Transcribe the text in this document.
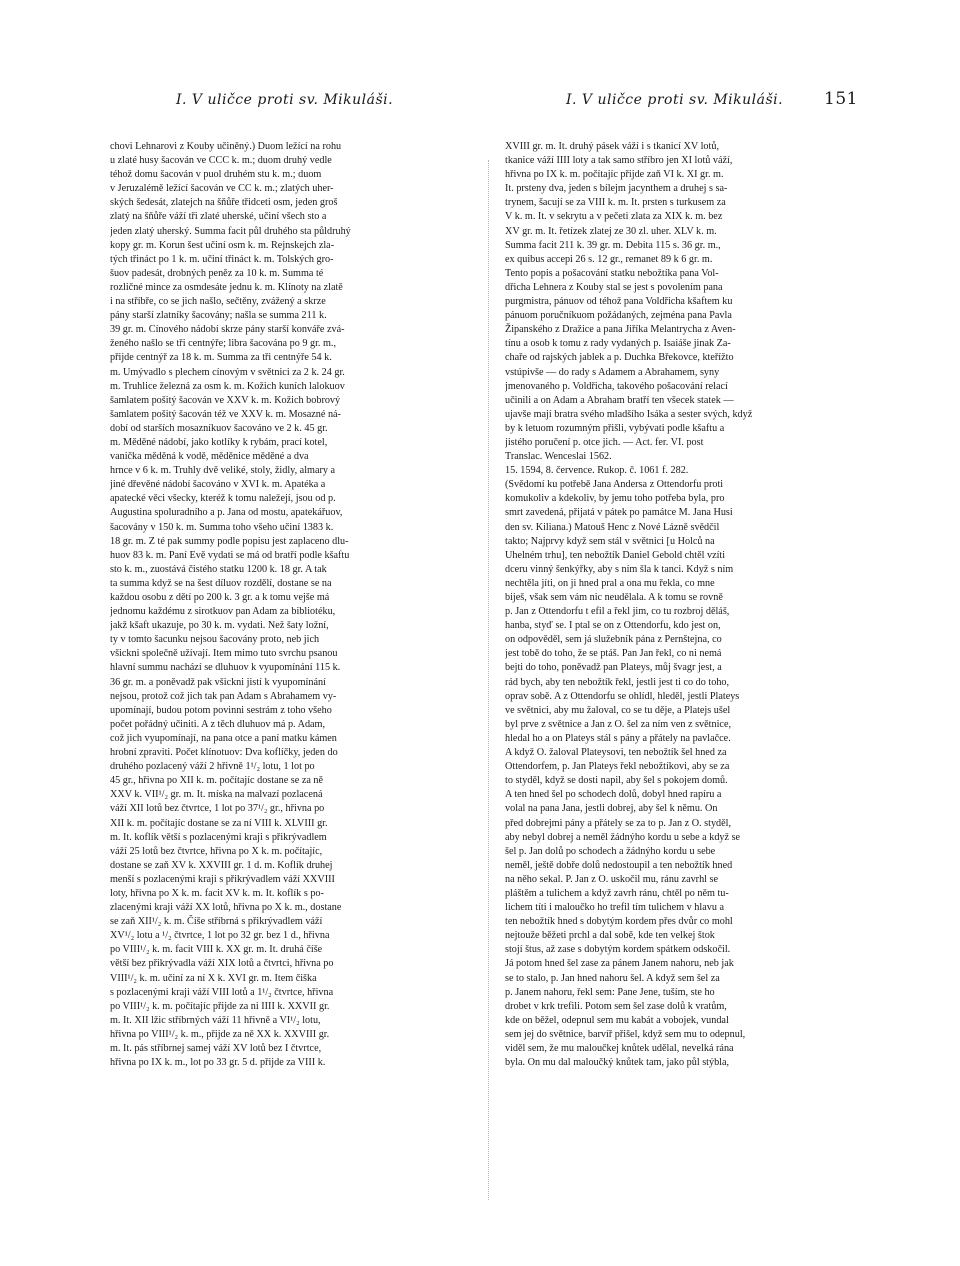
I. V uličce proti sv. Mikuláši.	I. V uličce proti sv. Mikuláši. 151
chovi Lehnarovi z Kouby učiněný.) Duom ležící na rohu
u zlaté husy šacován ve CCC k. m.; duom druhý vedle
téhož domu šacován v puol druhém stu k. m.; duom
v Jeruzalémě ležící šacován ve CC k. m.; zlatých uher-
ských šedesát, zlatejch na šňůře třidceti osm, jeden groš
zlatý na šňůře váží tři zlaté uherské, učiní všech sto a
jeden zlatý uherský. Summa facit půl druhého sta půldruhý
kopy gr. m. Korun šest učiní osm k. m. Rejnskejch zla-
tých třináct po 1 k. m. učiní třináct k. m. Tolských gro-
šuov padesát, drobných peněz za 10 k. m. Summa té
rozličné mince za osmdesáte jednu k. m. Klínoty na zlatě
i na stříbře, co se jich našlo, sečtěny, zvážený a skrze
pány starší zlatníky šacovány; našla se summa 211 k.
39 gr. m. Cínového nádobí skrze pány starší konváře zvá-
ženého našlo se tři centnýře; libra šacována po 9 gr. m.,
přijde centnýř za 18 k. m. Summa za tři centnýře 54 k.
m. Umývadlo s plechem cínovým v světnici za 2 k. 24 gr.
m. Truhlice železná za osm k. m. Kožich kuních lalokuov
šamlatem pošitý šacován ve XXV k. m. Kožich bobrový
šamlatem pošitý šacován též ve XXV k. m. Mosazné ná-
dobí od starších mosazníkuov šacováno ve 2 k. 45 gr.
m. Měděné nádobí, jako kotlíky k rybám, prací kotel,
vanička měděná k vodě, měděnice měděné a dva
hrnce v 6 k. m. Truhly dvě veliké, stoly, židly, almary a
jiné dřevěné nádobí šacováno v XVI k. m. Apatéka a
apatecké věci všecky, kteréž k tomu naležejí, jsou od p.
Augustina spoluradního a p. Jana od mostu, apatekářuov,
šacovány v 150 k. m. Summa toho všeho učiní 1383 k.
18 gr. m. Z té pak summy podle popisu jest zaplaceno dlu-
huov 83 k. m. Paní Evě vydati se má od bratří podle kšaftu
sto k. m., zuostává čistého statku 1200 k. 18 gr. A tak
ta summa když se na šest díluov rozdělí, dostane se na
každou osobu z dětí po 200 k. 3 gr. a k tomu vejše má
jednomu každému z sirotkuov pan Adam za bibliotéku,
jakž kšaft ukazuje, po 30 k. m. vydati. Než šaty ložní,
ty v tomto šacunku nejsou šacovány proto, neb jich
všickni společně užívají. Item mimo tuto svrchu psanou
hlavní summu nachází se dluhuov k vyupomínání 115 k.
36 gr. m. a poněvadž pak všickni jistí k vyupomínání
nejsou, protož což jich tak pan Adam s Abrahamem vy-
upomínají, budou potom povinni sestrám z toho všeho
počet pořádný učiniti. A z těch dluhuov má p. Adam,
což jich vyupomínají, na pana otce a paní matku kámen
hrobní zpraviti. Počet klínotuov: Dva koflíčky, jeden do
druhého pozlacený váží 2 hřivně 1¹/₂ lotu, 1 lot po
45 gr., hřivna po XII k. m. počítajíc dostane se za ně
XXV k. VII¹/₂ gr. m. It. míska na malvazí pozlacená
váží XII lotů bez čtvrtce, 1 lot po 37¹/₂ gr., hřivna po
XII k. m. počítajíc dostane se za ní VIII k. XLVIII gr.
m. It. koflík větší s pozlacenými kraji s přikrývadlem
váží 25 lotů bez čtvrtce, hřivna po X k. m. počítajíc,
dostane se zaň XV k. XXVIII gr. 1 d. m. Koflík druhej
menší s pozlacenými kraji s přikrývadlem váží XXVIII
loty, hřivna po X k. m. facit XV k. m. It. koflík s po-
zlacenými kraji váží XX lotů, hřivna po X k. m., dostane
se zaň XII¹/₂ k. m. Číše stříbrná s přikrývadlem váží
XV¹/₂ lotu a ¹/₂ čtvrtce, 1 lot po 32 gr. bez 1 d., hřivna
po VIII¹/₂ k. m. facit VIII k. XX gr. m. It. druhá číše
větší bez přikrývadla váží XIX lotů a čtvrtci, hřivna po
VIII¹/₂ k. m. učiní za ní X k. XVI gr. m. Item čiška
s pozlacenými kraji váží VIII lotů a 1¹/₂ čtvrtce, hřivna
po VIII¹/₂ k. m. počítajíc přijde za ni IIII k. XXVII gr.
m. It. XII lžic stříbrných váží 11 hřivně a VI¹/₂ lotu,
hřivna po VIII¹/₂ k. m., přijde za ně XX k. XXVIII gr.
m. It. pás stříbrnej samej váží XV lotů bez I čtvrtce,
hřivna po IX k. m., lot po 33 gr. 5 d. přijde za VIII k.
XVIII gr. m. It. druhý pásek váží i s tkanicí XV lotů,
tkanice váží IIII loty a tak samo stříbro jen XI lotů váží,
hřivna po IX k. m. počítajíc přijde zaň VI k. XI gr. m.
It. prsteny dva, jeden s bílejm jacynthem a druhej s sa-
trynem, šacují se za VIII k. m. It. prsten s turkusem za
V k. m. It. v sekrytu a v pečeti zlata za XIX k. m. bez
XV gr. m. It. řetízek zlatej ze 30 zl. uher. XLV k. m.
Summa facit 211 k. 39 gr. m. Debita 115 s. 36 gr. m.,
ex quibus accepi 26 s. 12 gr., remanet 89 k 6 gr. m.
Tento popis a pošacování statku nebožtíka pana Vol-
dřicha Lehnera z Kouby stal se jest s povolením pana
purgmistra, pánuov od téhož pana Voldřicha kšaftem ku
pánuom poručníkuom požádaných, zejména pana Pavla
Žipanského z Dražice a pana Jiříka Melantrycha z Aven-
tínu a osob k tomu z rady vydaných p. Isaiáše jinak Za-
chaře od rajských jablek a p. Duchka Břekovce, kteřížto
vstúpivše — do rady s Adamem a Abrahamem, syny
jmenovaného p. Voldřicha, takového pošacování relací
učinili a on Adam a Abraham bratří ten všecek statek —
ujavše mají bratra svého mladšího Isáka a sester svých, když
by k letuom rozumným přišli, vybývati podle kšaftu a
jistého poručení p. otce jich. — Act. fer. VI. post
Translac. Wenceslai 1562.
15. 1594, 8. července. Rukop. č. 1061 f. 282.
(Svědomí ku potřebě Jana Andersa z Ottendorfu proti
komukoliv a kdekoliv, by jemu toho potřeba byla, pro
smrt zavedená, přijatá v pátek po památce M. Jana Husi
den sv. Kiliana.) Matouš Henc z Nové Lázně svědčil
takto; Najprvy když sem stál v světnici [u Holců na
Uhelném trhu], ten nebožtík Daniel Gebold chtěl vzíti
dceru vinný šenkýřky, aby s ním šla k tanci. Když s ním
nechtěla jíti, on ji hned pral a ona mu řekla, co mne
biješ, však sem vám nic neudělala. A k tomu se rovně
p. Jan z Ottendorfu t efil a řekl jim, co tu rozbroj děláš,
hanba, styď se. I ptal se on z Ottendorfu, kdo jest on,
on odpověděl, sem já služebník pána z Pernštejna, co
jest tobě do toho, že se ptáš. Pan Jan řekl, co ni nemá
bejti do toho, poněvadž pan Plateys, můj švagr jest, a
rád bych, aby ten nebožtík řekl, jestli jest ti co do toho,
oprav sobě. A z Ottendorfu se ohlídl, hleděl, jestli Plateys
ve světnici, aby mu žaloval, co se tu děje, a Platejs ušel
byl prve z světnice a Jan z O. šel za ním ven z světnice,
hledal ho a on Plateys stál s pány a přátely na pavlačce.
A když O. žaloval Plateysovi, ten nebožtík šel hned za
Ottendorfem, p. Jan Plateys řekl nebožtíkovi, aby se za
to styděl, když se dosti napil, aby šel s pokojem domů.
A ten hned šel po schodech dolů, dobyl hned rapíru a
volal na pana Jana, jestli dobrej, aby šel k němu. On
před dobrejmi pány a přátely se za to p. Jan z O. styděl,
aby nebyl dobrej a neměl žádnýho kordu u sebe a když se
šel p. Jan dolů po schodech a žádnýho kordu u sebe
neměl, ještě dobře dolů nedostoupil a ten nebožtík hned
na něho sekal. P. Jan z O. uskočil mu, ránu zavrhl se
pláštěm a tulichem a když zavrh ránu, chtěl po něm tu-
lichem títi i maloučko ho trefil tím tulichem v hlavu a
ten nebožtík hned s dobytým kordem přes dvůr co mohl
nejtouže běžeti prchl a dal sobě, kde ten velkej štok
stojí štus, až zase s dobytým kordem spátkem odskočil.
Já potom hned šel zase za pánem Janem nahoru, neb jak
se to stalo, p. Jan hned nahoru šel. A když sem šel za
p. Janem nahoru, řekl sem: Pane Jene, tuším, ste ho
drobet v krk trefili. Potom sem šel zase dolů k vratům,
kde on běžel, odepnul sem mu kabát a vobojek, vundal
sem jej do světnice, barvíř přišel, když sem mu to odepnul,
viděl sem, že mu maloučkej knůtek udělal, nevelká rána
byla. On mu dal maloučký knůtek tam, jako půl stýbla,
